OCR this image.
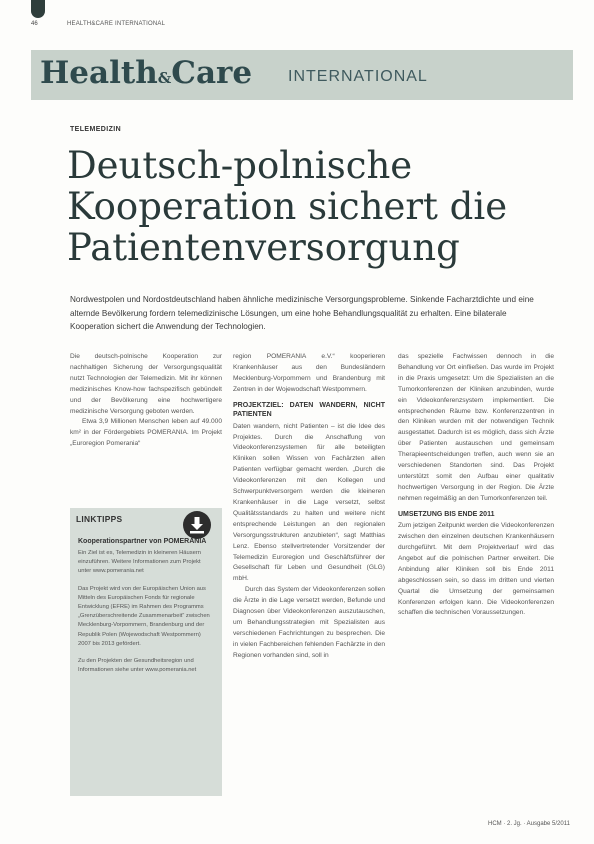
46	HEALTH&CARE INTERNATIONAL
Health&Care INTERNATIONAL
TELEMEDIZIN
Deutsch-polnische
Kooperation sichert die
Patientenversorgung

Nordwestpolen und Nordostdeutschland haben ähnliche medizinische Versorgungsprobleme. Sinkende Facharztdichte und eine alternde Bevölkerung fordern telemedizinische Lösungen, um eine hohe Behandlungsqualität zu erhalten. Eine bilaterale Kooperation sichert die Anwendung der Technologien.

Die deutsch-polnische Kooperation zur nachhaltigen Sicherung der Versorgungsqualität nutzt Technologien der Telemedizin. Mit ihr können medizinisches Know-how fachspezifisch gebündelt und der Bevölkerung eine hochwertigere medizinische Versorgung geboten werden.

Etwa 3,9 Millionen Menschen leben auf 49.000 km² in der Fördergebiets POMERANIA. Im Projekt „Euroregion Pomerania“

region POMERANIA e.V.“ kooperieren Krankenhäuser aus den Bundesländern Mecklenburg-Vorpommern und Brandenburg mit Zentren in der Wojewodschaft Westpommern.

PROJEKTZIEL: DATEN WANDERN, NICHT PATIENTEN

Daten wandern, nicht Patienten – ist die Idee des Projektes. Durch die Anschaffung von Videokonferenzsystemen für alle beteiligten Kliniken sollen Wissen von Fachärzten allen Patienten verfügbar gemacht werden. „Durch die Videokonferenzen mit den Kollegen und Schwerpunktversorgern werden die kleineren Krankenhäuser in die Lage versetzt, selbst Qualitätsstandards zu halten und weitere nicht entsprechende Leistungen an den regionalen Versorgungsstrukturen anzubieten“, sagt Matthias Lenz. Ebenso stellvertretender Vorsitzender der Telemedizin Euroregion und Geschäftsführer der Gesellschaft für Leben und Gesundheit (GLG) mbH.

Durch das System der Videokonferenzen sollen die Ärzte in die Lage versetzt werden, Befunde und Diagnosen über Videokonferenzen auszutauschen, um Behandlungsstrategien mit Spezialisten aus verschiedenen Fachrichtungen zu besprechen. Die in vielen Fachbereichen fehlenden Fachärzte in den Regionen vorhanden sind, soll in

das spezielle Fachwissen dennoch in die Behandlung vor Ort einfließen. Das wurde im Projekt in die Praxis umgesetzt: Um die Spezialisten an die Tumorkonferenzen der Kliniken anzubinden, wurde ein Videokonferenzsystem implementiert. Die entsprechenden Räume bzw. Konferenzzentren in den Kliniken wurden mit der notwendigen Technik ausgestattet. Dadurch ist es möglich, dass sich Ärzte über Patienten austauschen und gemeinsam Therapieentscheidungen treffen, auch wenn sie an verschiedenen Standorten sind. Das Projekt unterstützt somit den Aufbau einer qualitativ hochwertigen Versorgung in der Region. Die Ärzte nehmen regelmäßig an den Tumorkonferenzen teil.

UMSETZUNG BIS ENDE 2011

Zum jetzigen Zeitpunkt werden die Videokonferenzen zwischen den einzelnen deutschen Krankenhäusern durchgeführt. Mit dem Projektverlauf wird das Angebot auf die polnischen Partner erweitert. Die Anbindung aller Kliniken soll bis Ende 2011 abgeschlossen sein, so dass im dritten und vierten Quartal die Umsetzung der gemeinsamen Konferenzen erfolgen kann. Die Videokonferenzen schaffen die technischen Voraussetzungen.

LINKTIPPS
Kooperationspartner von POMERANIA

Ein Ziel ist es, Telemedizin in kleineren Häusern einzuführen. Weitere Informationen zum Projekt unter www.pomerania.net

Das Projekt wird von der Europäischen Union aus Mitteln des Europäischen Fonds für regionale Entwicklung (EFRE) im Rahmen des Programms „Grenzüberschreitende Zusammenarbeit“ zwischen Mecklenburg-Vorpommern, Brandenburg und der Republik Polen (Wojewodschaft Westpommern) 2007 bis 2013 gefördert.

Zu den Projekten der Gesundheitsregion und Informationen siehe unter www.pomerania.net

HCM · 2. Jg. · Ausgabe 5/2011
